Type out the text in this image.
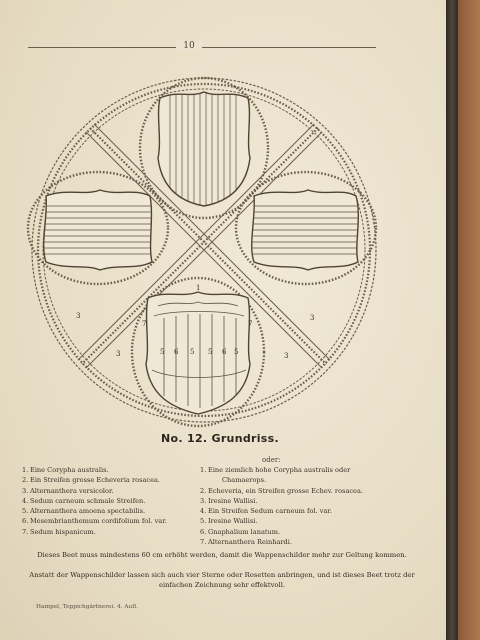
10
3	3
3	3
1
7	7
5 6 5 5 6 5
No. 12. Grundriss.
oder:
1. Eine Corypha australis.
2. Ein Streifen grosse Echeveria rosacea.
3. Alternanthera versicolor.
4. Sedum carneum schmale Streifen.
5. Alternanthera amoena spectabilis.
6. Mesembrianthemum cordifolium fol. var.
7. Sedum hispanicum.
1. Eine ziemlich hohe Corypha australis oder
Chamaerops.
2. Echeveria, ein Streifen grosse Echev. rosacea.
3. Iresine Wallisi.
4. Ein Streifen Sedum carneum fol. var.
5. Iresine Wallisi.
6. Gnaphalium lanatum.
7. Alternanthera Reinhardi.
Dieses Beet muss mindestens 60 cm erhöht werden, damit die Wappenschilder mehr zur Geltung kommen.
Anstatt der Wappenschilder lassen sich auch vier Sterne oder Rosetten anbringen, und ist dieses Beet trotz der einfachen Zeichnung sehr effektvoll.
Hampel, Teppichgärtnerei. 4. Aufl.
